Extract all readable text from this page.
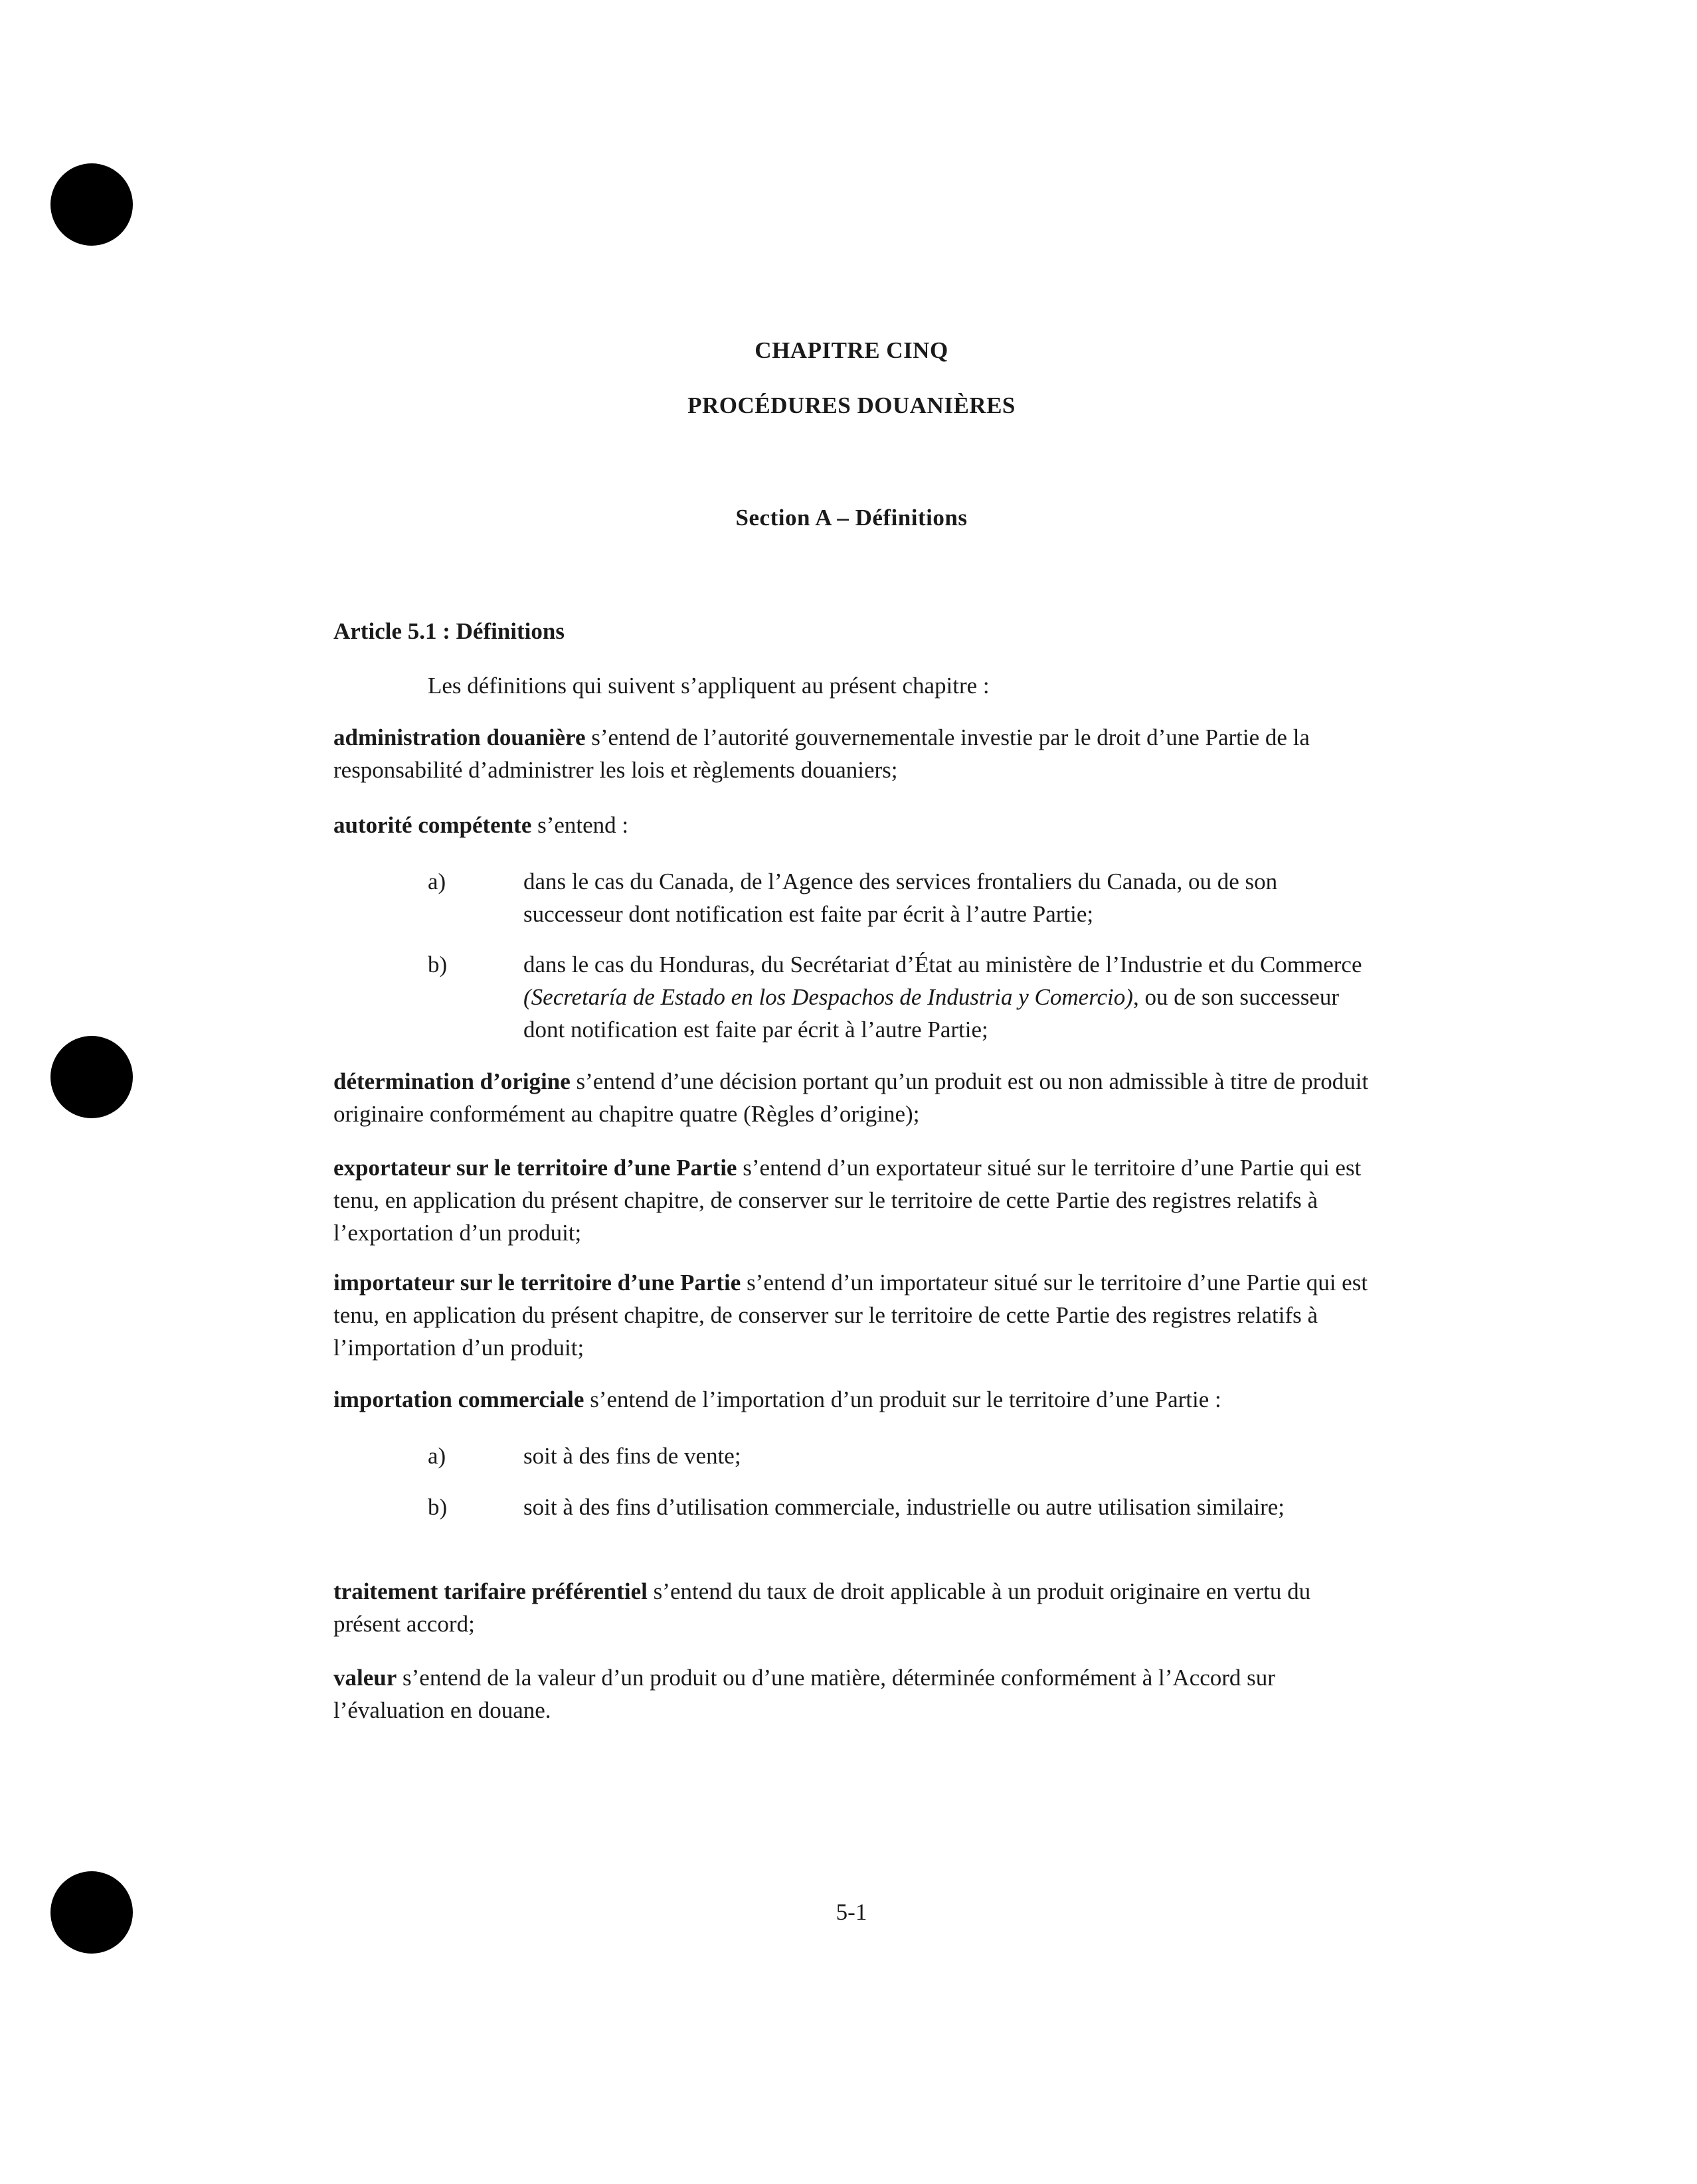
CHAPITRE CINQ
PROCÉDURES DOUANIÈRES
Section A – Définitions
Article 5.1 : Définitions
Les définitions qui suivent s’appliquent au présent chapitre :
administration douanière s’entend de l’autorité gouvernementale investie par le droit d’une Partie de la responsabilité d’administrer les lois et règlements douaniers;
autorité compétente s’entend :
a)	dans le cas du Canada, de l’Agence des services frontaliers du Canada, ou de son successeur dont notification est faite par écrit à l’autre Partie;
b)	dans le cas du Honduras, du Secrétariat d’État au ministère de l’Industrie et du Commerce (Secretaría de Estado en los Despachos de Industria y Comercio), ou de son successeur dont notification est faite par écrit à l’autre Partie;
détermination d’origine s’entend d’une décision portant qu’un produit est ou non admissible à titre de produit originaire conformément au chapitre quatre (Règles d’origine);
exportateur sur le territoire d’une Partie s’entend d’un exportateur situé sur le territoire d’une Partie qui est tenu, en application du présent chapitre, de conserver sur le territoire de cette Partie des registres relatifs à l’exportation d’un produit;
importateur sur le territoire d’une Partie s’entend d’un importateur situé sur le territoire d’une Partie qui est tenu, en application du présent chapitre, de conserver sur le territoire de cette Partie des registres relatifs à l’importation d’un produit;
importation commerciale s’entend de l’importation d’un produit sur le territoire d’une Partie :
a)	soit à des fins de vente;
b)	soit à des fins d’utilisation commerciale, industrielle ou autre utilisation similaire;
traitement tarifaire préférentiel s’entend du taux de droit applicable à un produit originaire en vertu du présent accord;
valeur s’entend de la valeur d’un produit ou d’une matière, déterminée conformément à l’Accord sur l’évaluation en douane.
5-1
